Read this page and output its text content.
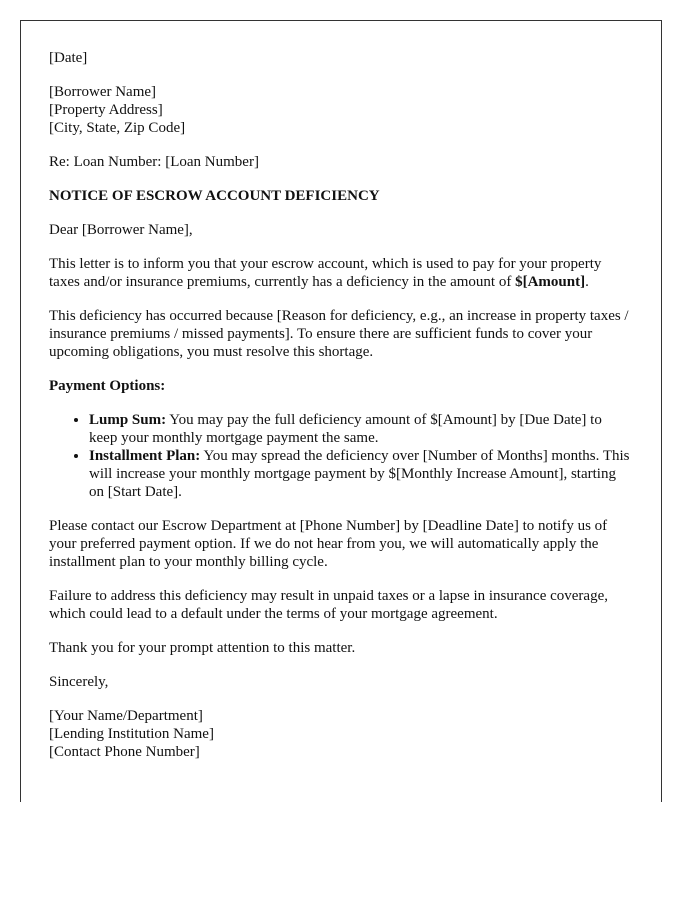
[Date]

[Borrower Name]
[Property Address]
[City, State, Zip Code]

Re: Loan Number: [Loan Number]

NOTICE OF ESCROW ACCOUNT DEFICIENCY

Dear [Borrower Name],

This letter is to inform you that your escrow account, which is used to pay for your property taxes and/or insurance premiums, currently has a deficiency in the amount of $[Amount].

This deficiency has occurred because [Reason for deficiency, e.g., an increase in property taxes / insurance premiums / missed payments]. To ensure there are sufficient funds to cover your upcoming obligations, you must resolve this shortage.

Payment Options:

• Lump Sum: You may pay the full deficiency amount of $[Amount] by [Due Date] to keep your monthly mortgage payment the same.
• Installment Plan: You may spread the deficiency over [Number of Months] months. This will increase your monthly mortgage payment by $[Monthly Increase Amount], starting on [Start Date].

Please contact our Escrow Department at [Phone Number] by [Deadline Date] to notify us of your preferred payment option. If we do not hear from you, we will automatically apply the installment plan to your monthly billing cycle.

Failure to address this deficiency may result in unpaid taxes or a lapse in insurance coverage, which could lead to a default under the terms of your mortgage agreement.

Thank you for your prompt attention to this matter.

Sincerely,

[Your Name/Department]
[Lending Institution Name]
[Contact Phone Number]
